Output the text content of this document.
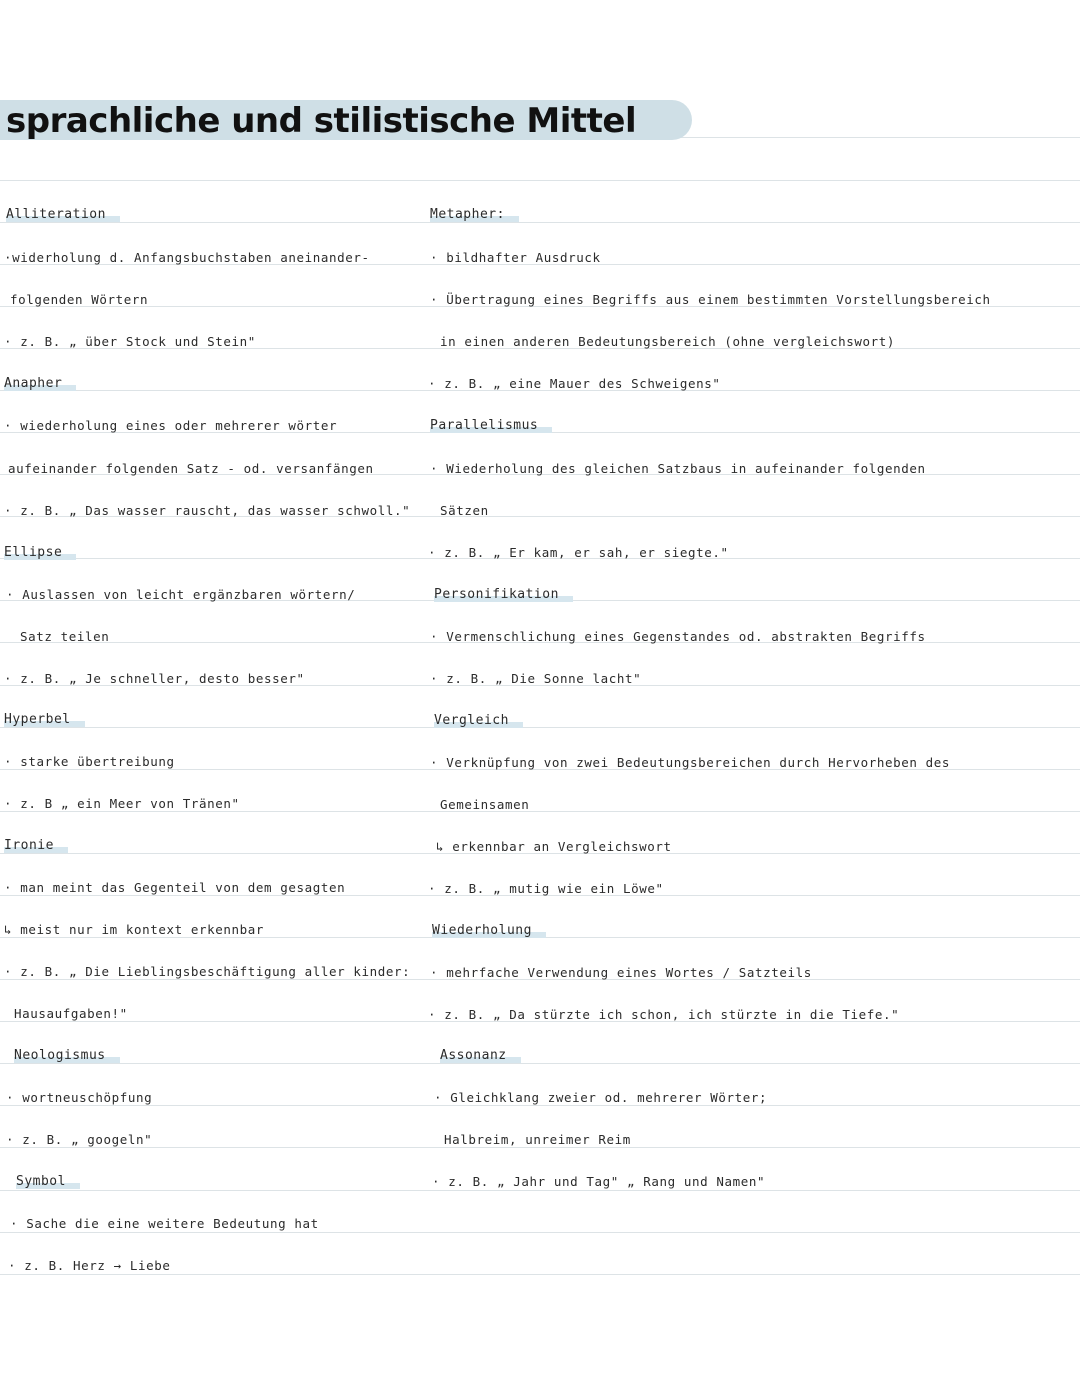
sprachliche und stilistische Mittel
Alliteration
·widerholung d. Anfangsbuchstaben aneinander-
folgenden Wörtern
· z. B. „ über Stock und Stein"
Anapher
· wiederholung eines oder mehrerer wörter
aufeinander folgenden Satz - od. versanfängen
· z. B. „ Das wasser rauscht, das wasser schwoll."
Ellipse
· Auslassen von leicht ergänzbaren wörtern/
Satz teilen
· z. B. „ Je schneller, desto besser"
Hyperbel
· starke übertreibung
· z. B „ ein Meer von Tränen"
Ironie
· man meint das Gegenteil von dem gesagten
↳ meist nur im kontext erkennbar
· z. B. „ Die Lieblingsbeschäftigung aller kinder:
Hausaufgaben!"
Neologismus
· wortneuschöpfung
· z. B. „ googeln"
Symbol
· Sache die eine weitere Bedeutung hat
· z. B. Herz → Liebe
Metapher:
· bildhafter Ausdruck
· Übertragung eines Begriffs aus einem bestimmten Vorstellungsbereich
in einen anderen Bedeutungsbereich (ohne vergleichswort)
· z. B. „ eine Mauer des Schweigens"
Parallelismus
· Wiederholung des gleichen Satzbaus in aufeinander folgenden
Sätzen
· z. B. „ Er kam, er sah, er siegte."
Personifikation
· Vermenschlichung eines Gegenstandes od. abstrakten Begriffs
· z. B. „ Die Sonne lacht"
Vergleich
· Verknüpfung von zwei Bedeutungsbereichen durch Hervorheben des
Gemeinsamen
↳ erkennbar an Vergleichswort
· z. B. „ mutig wie ein Löwe"
Wiederholung
· mehrfache Verwendung eines Wortes / Satzteils
· z. B. „ Da stürzte ich schon, ich stürzte in die Tiefe."
Assonanz
· Gleichklang zweier od. mehrerer Wörter;
Halbreim, unreimer Reim
· z. B. „ Jahr und Tag" „ Rang und Namen"
